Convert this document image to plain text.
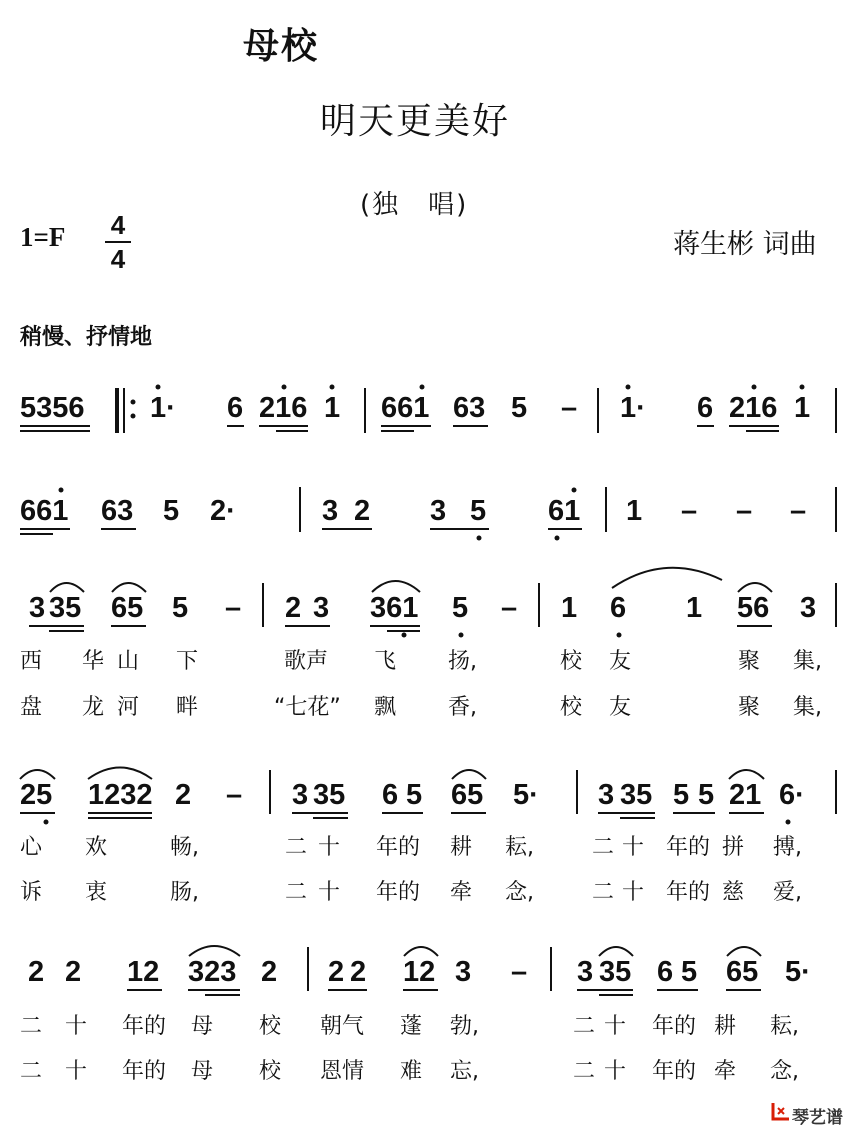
母校
明天更美好
(独　唱)
1=F 4
4	蒋生彬 词曲
稍慢、抒情地
5356 1· 6 216 1 661 63 5 – 1· 6 216 1
661 63 5 2·	3 2 3 5 61 1 – – –
3 35 65 5 – 2 3 361 5 – 1 6 1 56 3
西 华 山 下	歌声 飞 扬,	校 友	聚 集,
盘 龙 河 畔	“七花” 飘 香,	校 友	聚 集,
25 1232 2 – 3 35 6 5 65 5· 3 35 5 5 21 6·
心 欢	畅,	二 十 年的 耕 耘,	二 十 年的 拼 搏,
诉 衷	肠,	二 十 年的 牵 念,	二 十 年的 慈 爱,
2 2 12 323 2 2 2 12 3 – 3 35 6 5 65 5·
二 十 年的 母 校 朝气 蓬 勃,	二 十 年的 耕 耘,
二 十 年的 母 校 恩情 难 忘,	二 十 年的 牵 念,
琴艺谱
